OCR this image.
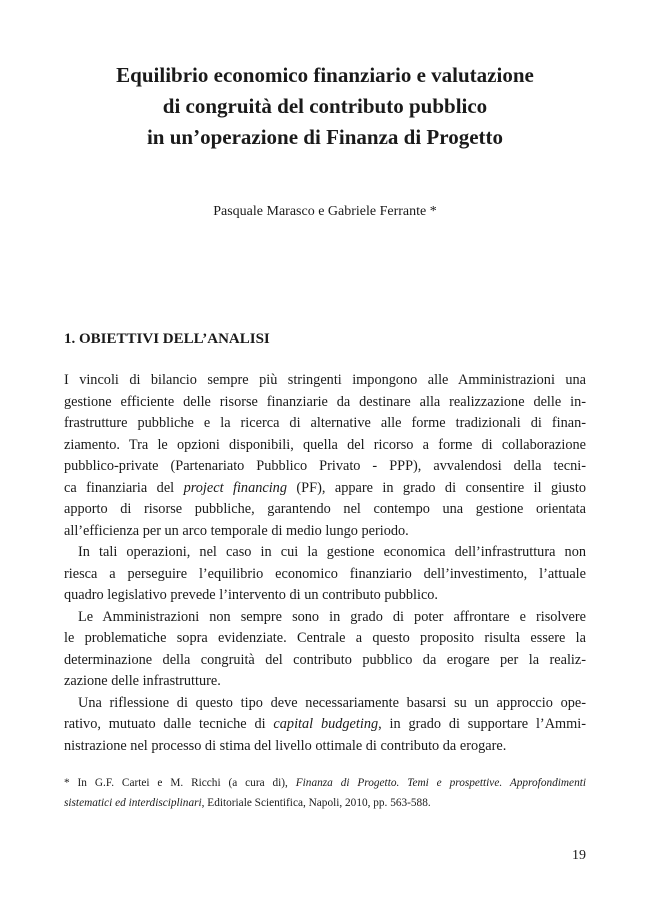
Equilibrio economico finanziario e valutazione
di congruità del contributo pubblico
in un’operazione di Finanza di Progetto
Pasquale Marasco e Gabriele Ferrante *
1. OBIETTIVI DELL’ANALISI
I vincoli di bilancio sempre più stringenti impongono alle Amministrazioni una
gestione efficiente delle risorse finanziarie da destinare alla realizzazione delle in-
frastrutture pubbliche e la ricerca di alternative alle forme tradizionali di finan-
ziamento. Tra le opzioni disponibili, quella del ricorso a forme di collaborazione
pubblico-private (Partenariato Pubblico Privato - PPP), avvalendosi della tecni-
ca finanziaria del project financing (PF), appare in grado di consentire il giusto
apporto di risorse pubbliche, garantendo nel contempo una gestione orientata
all’efficienza per un arco temporale di medio lungo periodo.
In tali operazioni, nel caso in cui la gestione economica dell’infrastruttura non
riesca a perseguire l’equilibrio economico finanziario dell’investimento, l’attuale
quadro legislativo prevede l’intervento di un contributo pubblico.
Le Amministrazioni non sempre sono in grado di poter affrontare e risolvere
le problematiche sopra evidenziate. Centrale a questo proposito risulta essere la
determinazione della congruità del contributo pubblico da erogare per la realiz-
zazione delle infrastrutture.
Una riflessione di questo tipo deve necessariamente basarsi su un approccio ope-
rativo, mutuato dalle tecniche di capital budgeting, in grado di supportare l’Ammi-
nistrazione nel processo di stima del livello ottimale di contributo da erogare.
* In G.F. Cartei e M. Ricchi (a cura di), Finanza di Progetto. Temi e prospettive. Approfondimenti
sistematici ed interdisciplinari, Editoriale Scientifica, Napoli, 2010, pp. 563-588.
19
